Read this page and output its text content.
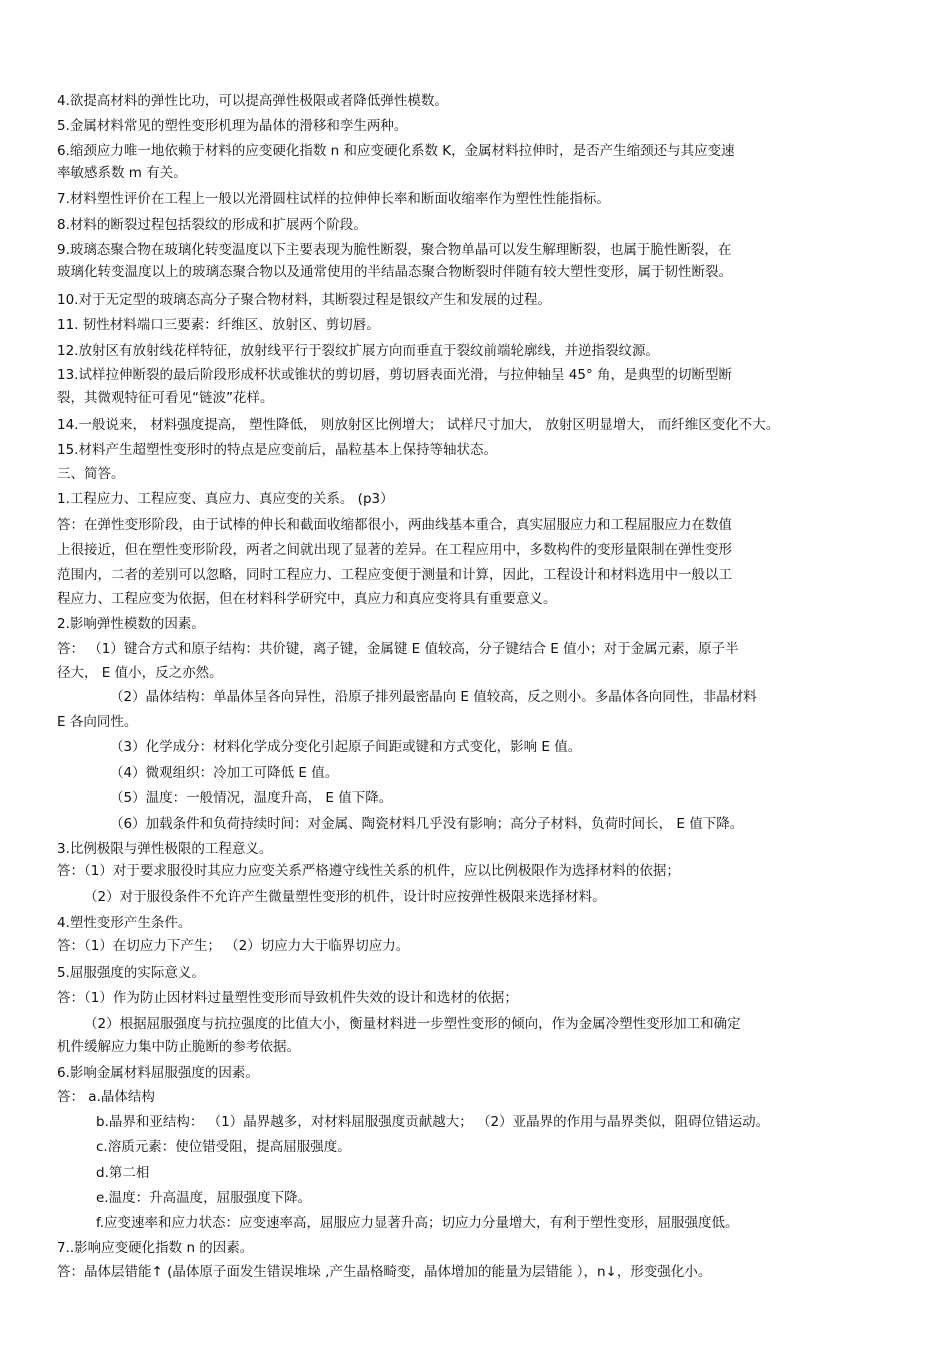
4.欲提高材料的弹性比功，可以提高弹性极限或者降低弹性模数。
5.金属材料常见的塑性变形机理为晶体的滑移和孪生两种。
6.缩颈应力唯一地依赖于材料的应变硬化指数 n 和应变硬化系数 K，金属材料拉伸时，是否产生缩颈还与其应变速
率敏感系数 m 有关。
7.材料塑性评价在工程上一般以光滑圆柱试样的拉伸伸长率和断面收缩率作为塑性性能指标。
8.材料的断裂过程包括裂纹的形成和扩展两个阶段。
9.玻璃态聚合物在玻璃化转变温度以下主要表现为脆性断裂，聚合物单晶可以发生解理断裂，也属于脆性断裂，在
玻璃化转变温度以上的玻璃态聚合物以及通常使用的半结晶态聚合物断裂时伴随有较大塑性变形，属于韧性断裂。
10.对于无定型的玻璃态高分子聚合物材料，其断裂过程是银纹产生和发展的过程。
11. 韧性材料端口三要素：纤维区、放射区、剪切唇。
12.放射区有放射线花样特征，放射线平行于裂纹扩展方向而垂直于裂纹前端轮廓线，并逆指裂纹源。
13.试样拉伸断裂的最后阶段形成杯状或锥状的剪切唇，剪切唇表面光滑，与拉伸轴呈 45° 角，是典型的切断型断
裂，其微观特征可看见“链波”花样。
14.一般说来， 材料强度提高， 塑性降低， 则放射区比例增大； 试样尺寸加大， 放射区明显增大， 而纤维区变化不大。
15.材料产生超塑性变形时的特点是应变前后，晶粒基本上保持等轴状态。
三、简答。
1.工程应力、工程应变、真应力、真应变的关系。 (p3）
答：在弹性变形阶段，由于试棒的伸长和截面收缩都很小，两曲线基本重合，真实屈服应力和工程屈服应力在数值
上很接近，但在塑性变形阶段，两者之间就出现了显著的差异。在工程应用中，多数构件的变形量限制在弹性变形
范围内，二者的差别可以忽略，同时工程应力、工程应变便于测量和计算，因此，工程设计和材料选用中一般以工
程应力、工程应变为依据，但在材料科学研究中，真应力和真应变将具有重要意义。
2.影响弹性模数的因素。
答： （1）键合方式和原子结构：共价键，离子键，金属键 E 值较高，分子键结合 E 值小；对于金属元素，原子半
径大， E 值小，反之亦然。
（2）晶体结构：单晶体呈各向异性，沿原子排列最密晶向 E 值较高，反之则小。多晶体各向同性，非晶材料
E 各向同性。
（3）化学成分：材料化学成分变化引起原子间距或键和方式变化，影响 E 值。
（4）微观组织：冷加工可降低 E 值。
（5）温度：一般情况，温度升高， E 值下降。
（6）加载条件和负荷持续时间：对金属、陶瓷材料几乎没有影响；高分子材料，负荷时间长， E 值下降。
3.比例极限与弹性极限的工程意义。
答：（1）对于要求服役时其应力应变关系严格遵守线性关系的机件，应以比例极限作为选择材料的依据；
（2）对于服役条件不允许产生微量塑性变形的机件，设计时应按弹性极限来选择材料。
4.塑性变形产生条件。
答：（1）在切应力下产生； （2）切应力大于临界切应力。
5.屈服强度的实际意义。
答：（1）作为防止因材料过量塑性变形而导致机件失效的设计和选材的依据；
（2）根据屈服强度与抗拉强度的比值大小，衡量材料进一步塑性变形的倾向，作为金属冷塑性变形加工和确定
机件缓解应力集中防止脆断的参考依据。
6.影响金属材料屈服强度的因素。
答： a.晶体结构
b.晶界和亚结构： （1）晶界越多，对材料屈服强度贡献越大； （2）亚晶界的作用与晶界类似，阻碍位错运动。
c.溶质元素：使位错受阻，提高屈服强度。
d.第二相
e.温度：升高温度，屈服强度下降。
f.应变速率和应力状态：应变速率高，屈服应力显著升高；切应力分量增大，有利于塑性变形，屈服强度低。
7..影响应变硬化指数 n 的因素。
答：晶体层错能↑ (晶体原子面发生错误堆垛 ,产生晶格畸变，晶体增加的能量为层错能 ），n↓，形变强化小。
